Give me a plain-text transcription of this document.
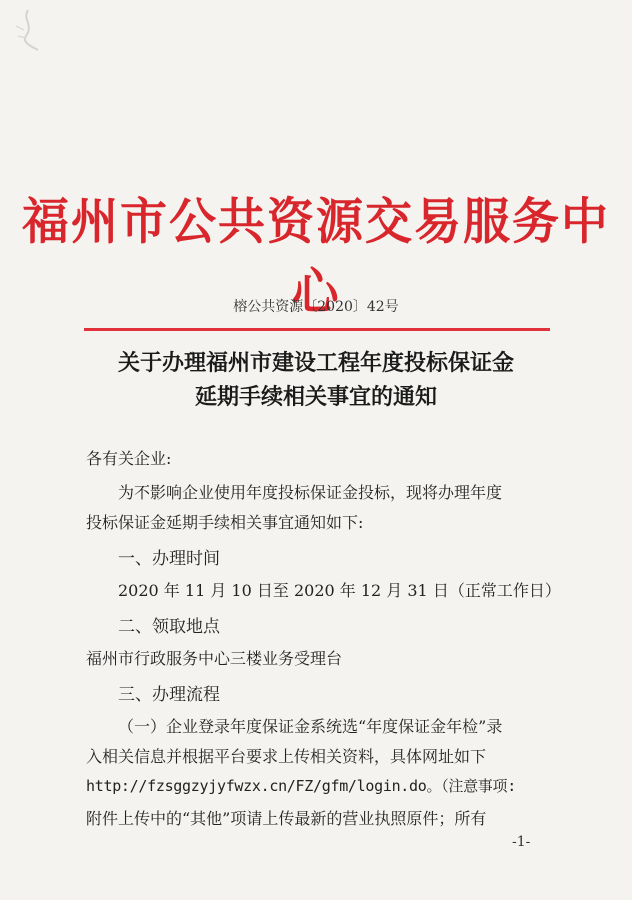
福州市公共资源交易服务中心
榕公共资源〔2020〕42号
关于办理福州市建设工程年度投标保证金
延期手续相关事宜的通知
各有关企业:
为不影响企业使用年度投标保证金投标，现将办理年度
投标保证金延期手续相关事宜通知如下:
一、办理时间
2020 年 11 月 10 日至 2020 年 12 月 31 日（正常工作日）
二、领取地点
福州市行政服务中心三楼业务受理台
三、办理流程
（一）企业登录年度保证金系统选“年度保证金年检”录
入相关信息并根据平台要求上传相关资料，具体网址如下
http://fzsggzyjyfwzx.cn/FZ/gfm/login.do。（注意事项:
附件上传中的“其他”项请上传最新的营业执照原件；所有
-1-
